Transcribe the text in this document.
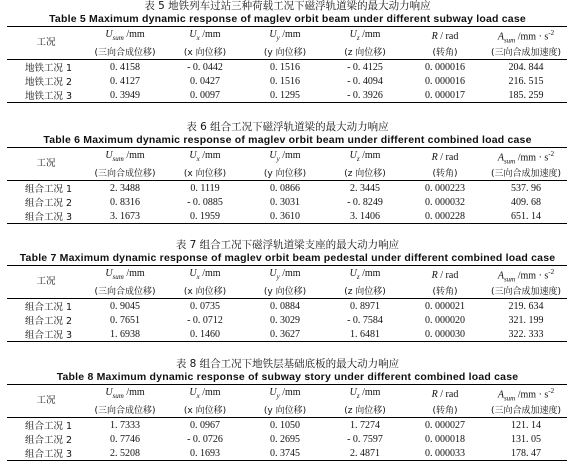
表 5 地铁列车过站三种荷载工况下磁浮轨道梁的最大动力响应
Table 5 Maximum dynamic response of maglev orbit beam under different subway load case
工况	$U_{sum}$ /mm	$U_x$ /mm	$U_y$ /mm	$U_z$ /mm	R / rad	$A_{sum}$ $/mm \cdot s^{-2}$
	(三向合成位移)	(x 向位移)	(y 向位移)	(z 向位移)	(转角)	(三向合成加速度)
地铁工况 1	0. 4158	- 0. 0442	0. 1516	- 0. 4125	0. 000016	204. 844
地铁工况 2	0. 4127	0. 0427	0. 1516	- 0. 4094	0. 000016	216. 515
地铁工况 3	0. 3949	0. 0097	0. 1295	- 0. 3926	0. 000017	185. 259
表 6 组合工况下磁浮轨道梁的最大动力响应
Table 6 Maximum dynamic response of maglev orbit beam under different combined load case
工况	$U_{sum}$ /mm	$U_x$ /mm	$U_y$ /mm	$U_z$ /mm	R / rad	$A_{sum}$ $/mm \cdot s^{-2}$
	(三向合成位移)	(x 向位移)	(y 向位移)	(z 向位移)	(转角)	(三向合成加速度)
组合工况 1	2. 3488	0. 1119	0. 0866	2. 3445	0. 000223	537. 96
组合工况 2	0. 8316	- 0. 0885	0. 3031	- 0. 8249	0. 000032	409. 68
组合工况 3	3. 1673	0. 1959	0. 3610	3. 1406	0. 000228	651. 14
表 7 组合工况下磁浮轨道梁支座的最大动力响应
Table 7 Maximum dynamic response of maglev orbit beam pedestal under different combined load case
工况	$U_{sum}$ /mm	$U_x$ /mm	$U_y$ /mm	$U_z$ /mm	R / rad	$A_{sum}$ $/mm \cdot s^{-2}$
	(三向合成位移)	(x 向位移)	(y 向位移)	(z 向位移)	(转角)	(三向合成加速度)
组合工况 1	0. 9045	0. 0735	0. 0884	0. 8971	0. 000021	219. 634
组合工况 2	0. 7651	- 0. 0712	0. 3029	- 0. 7584	0. 000020	321. 199
组合工况 3	1. 6938	0. 1460	0. 3627	1. 6481	0. 000030	322. 333
表 8 组合工况下地铁层基础底板的最大动力响应
Table 8 Maximum dynamic response of subway story under different combined load case
工况	$U_{sum}$ /mm	$U_x$ /mm	$U_y$ /mm	$U_z$ /mm	R / rad	$A_{sum}$ $/mm \cdot s^{-2}$
	(三向合成位移)	(x 向位移)	(y 向位移)	(z 向位移)	(转角)	(三向合成加速度)
组合工况 1	1. 7333	0. 0967	0. 1050	1. 7274	0. 000027	121. 14
组合工况 2	0. 7746	- 0. 0726	0. 2695	- 0. 7597	0. 000018	131. 05
组合工况 3	2. 5208	0. 1693	0. 3745	2. 4871	0. 000033	178. 47
